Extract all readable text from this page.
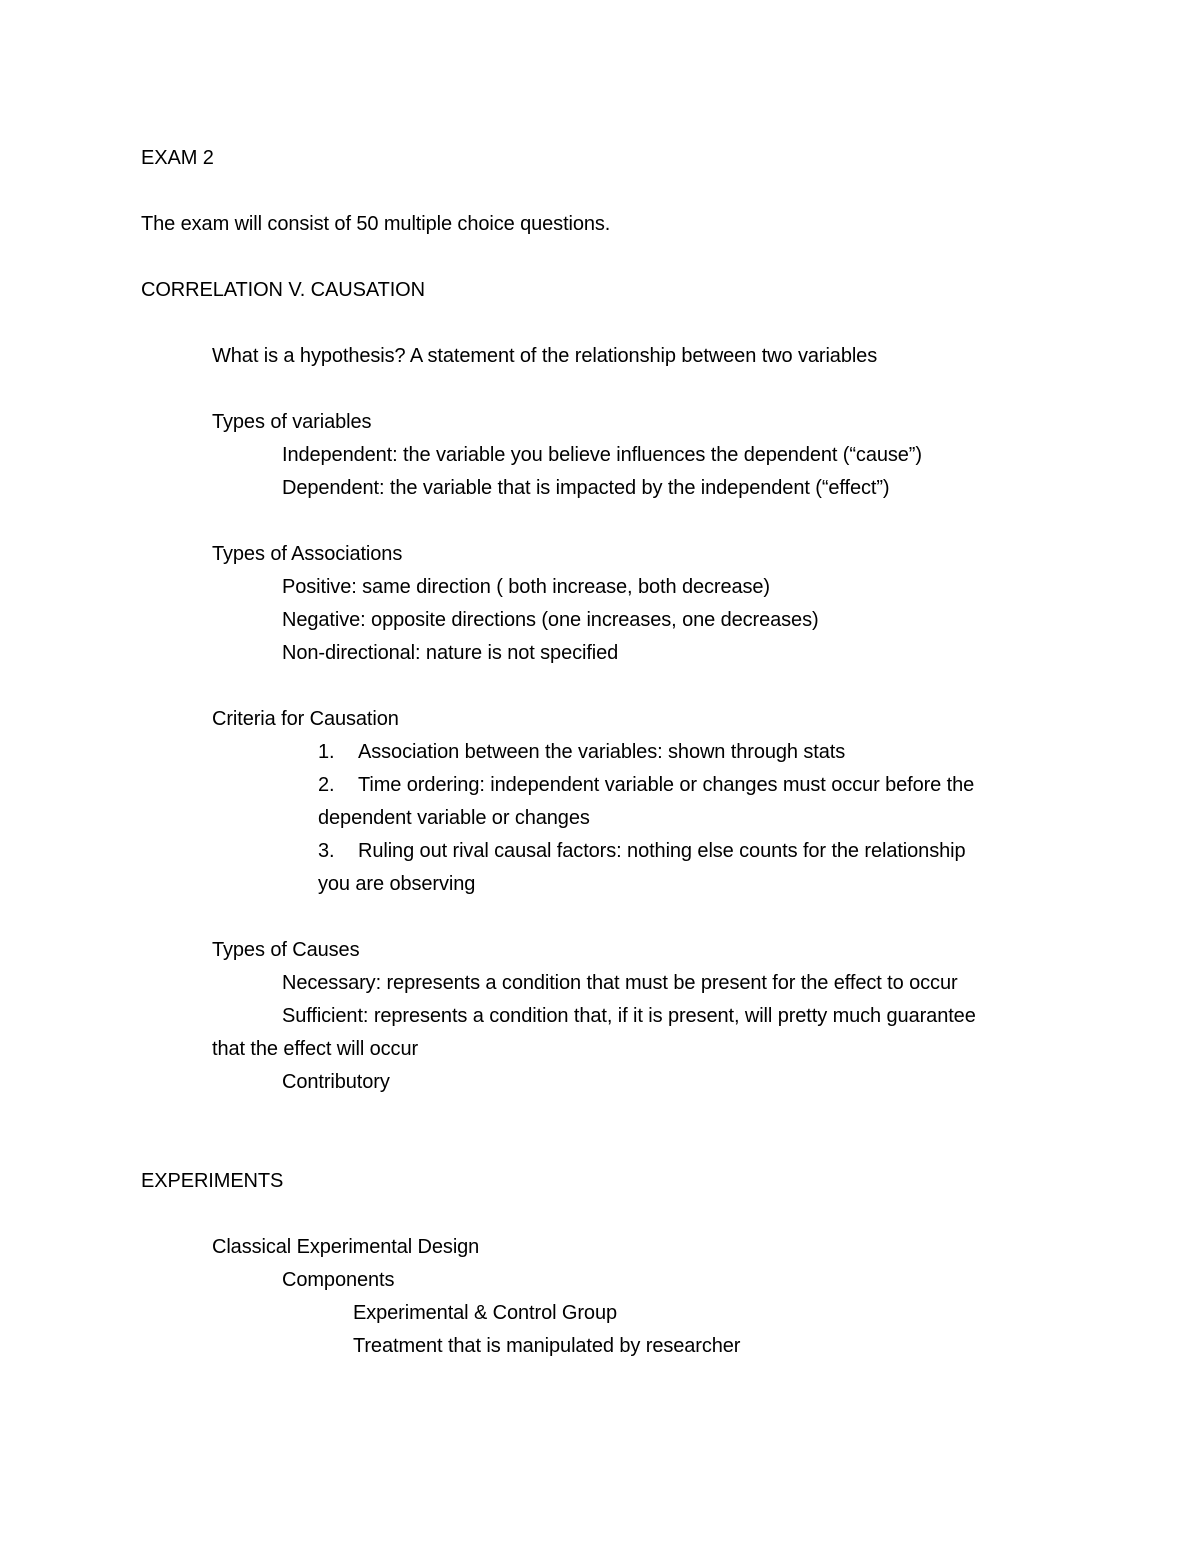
EXAM 2
The exam will consist of 50 multiple choice questions.
CORRELATION V. CAUSATION
What is a hypothesis? A statement of the relationship between two variables
Types of variables
Independent: the variable you believe influences the dependent (“cause”)
Dependent: the variable that is impacted by the independent (“effect”)
Types of Associations
Positive: same direction ( both increase, both decrease)
Negative: opposite directions (one increases, one decreases)
Non-directional: nature is not specified
Criteria for Causation
1. Association between the variables: shown through stats
2. Time ordering: independent variable or changes must occur before the
dependent variable or changes
3. Ruling out rival causal factors: nothing else counts for the relationship
you are observing
Types of Causes
Necessary: represents a condition that must be present for the effect to occur
Sufficient: represents a condition that, if it is present, will pretty much guarantee
that the effect will occur
Contributory
EXPERIMENTS
Classical Experimental Design
Components
Experimental & Control Group
Treatment that is manipulated by researcher
